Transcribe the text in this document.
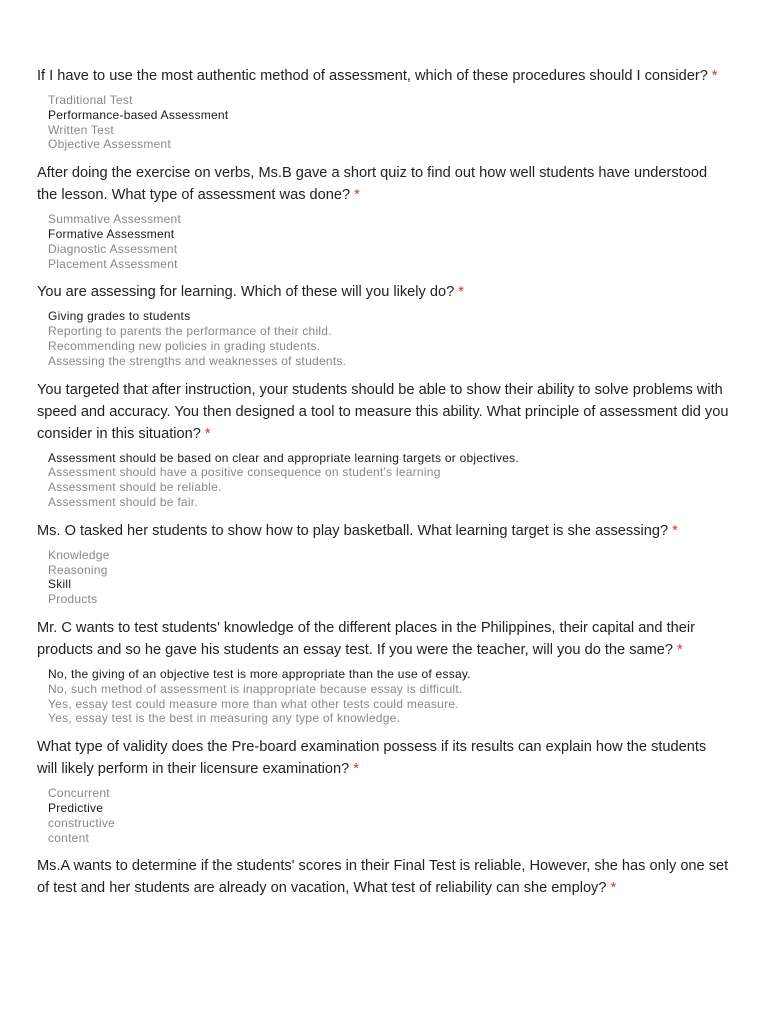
If I have to use the most authentic method of assessment, which of these procedures should I consider? *

Traditional Test
Performance-based Assessment
Written Test
Objective Assessment

After doing the exercise on verbs, Ms.B gave a short quiz to find out how well students have understood the lesson. What type of assessment was done? *

Summative Assessment
Formative Assessment
Diagnostic Assessment
Placement Assessment

You are assessing for learning. Which of these will you likely do? *

Giving grades to students
Reporting to parents the performance of their child.
Recommending new policies in grading students.
Assessing the strengths and weaknesses of students.

You targeted that after instruction, your students should be able to show their ability to solve problems with speed and accuracy. You then designed a tool to measure this ability. What principle of assessment did you consider in this situation? *

Assessment should be based on clear and appropriate learning targets or objectives.
Assessment should have a positive consequence on student's learning
Assessment should be reliable.
Assessment should be fair.

Ms. O tasked her students to show how to play basketball. What learning target is she assessing? *

Knowledge
Reasoning
Skill
Products

Mr. C wants to test students' knowledge of the different places in the Philippines, their capital and their products and so he gave his students an essay test. If you were the teacher, will you do the same? *

No, the giving of an objective test is more appropriate than the use of essay.
No, such method of assessment is inappropriate because essay is difficult.
Yes, essay test could measure more than what other tests could measure.
Yes, essay test is the best in measuring any type of knowledge.

What type of validity does the Pre-board examination possess if its results can explain how the students will likely perform in their licensure examination? *

Concurrent
Predictive
constructive
content

Ms.A wants to determine if the students' scores in their Final Test is reliable, However, she has only one set of test and her students are already on vacation, What test of reliability can she employ? *
